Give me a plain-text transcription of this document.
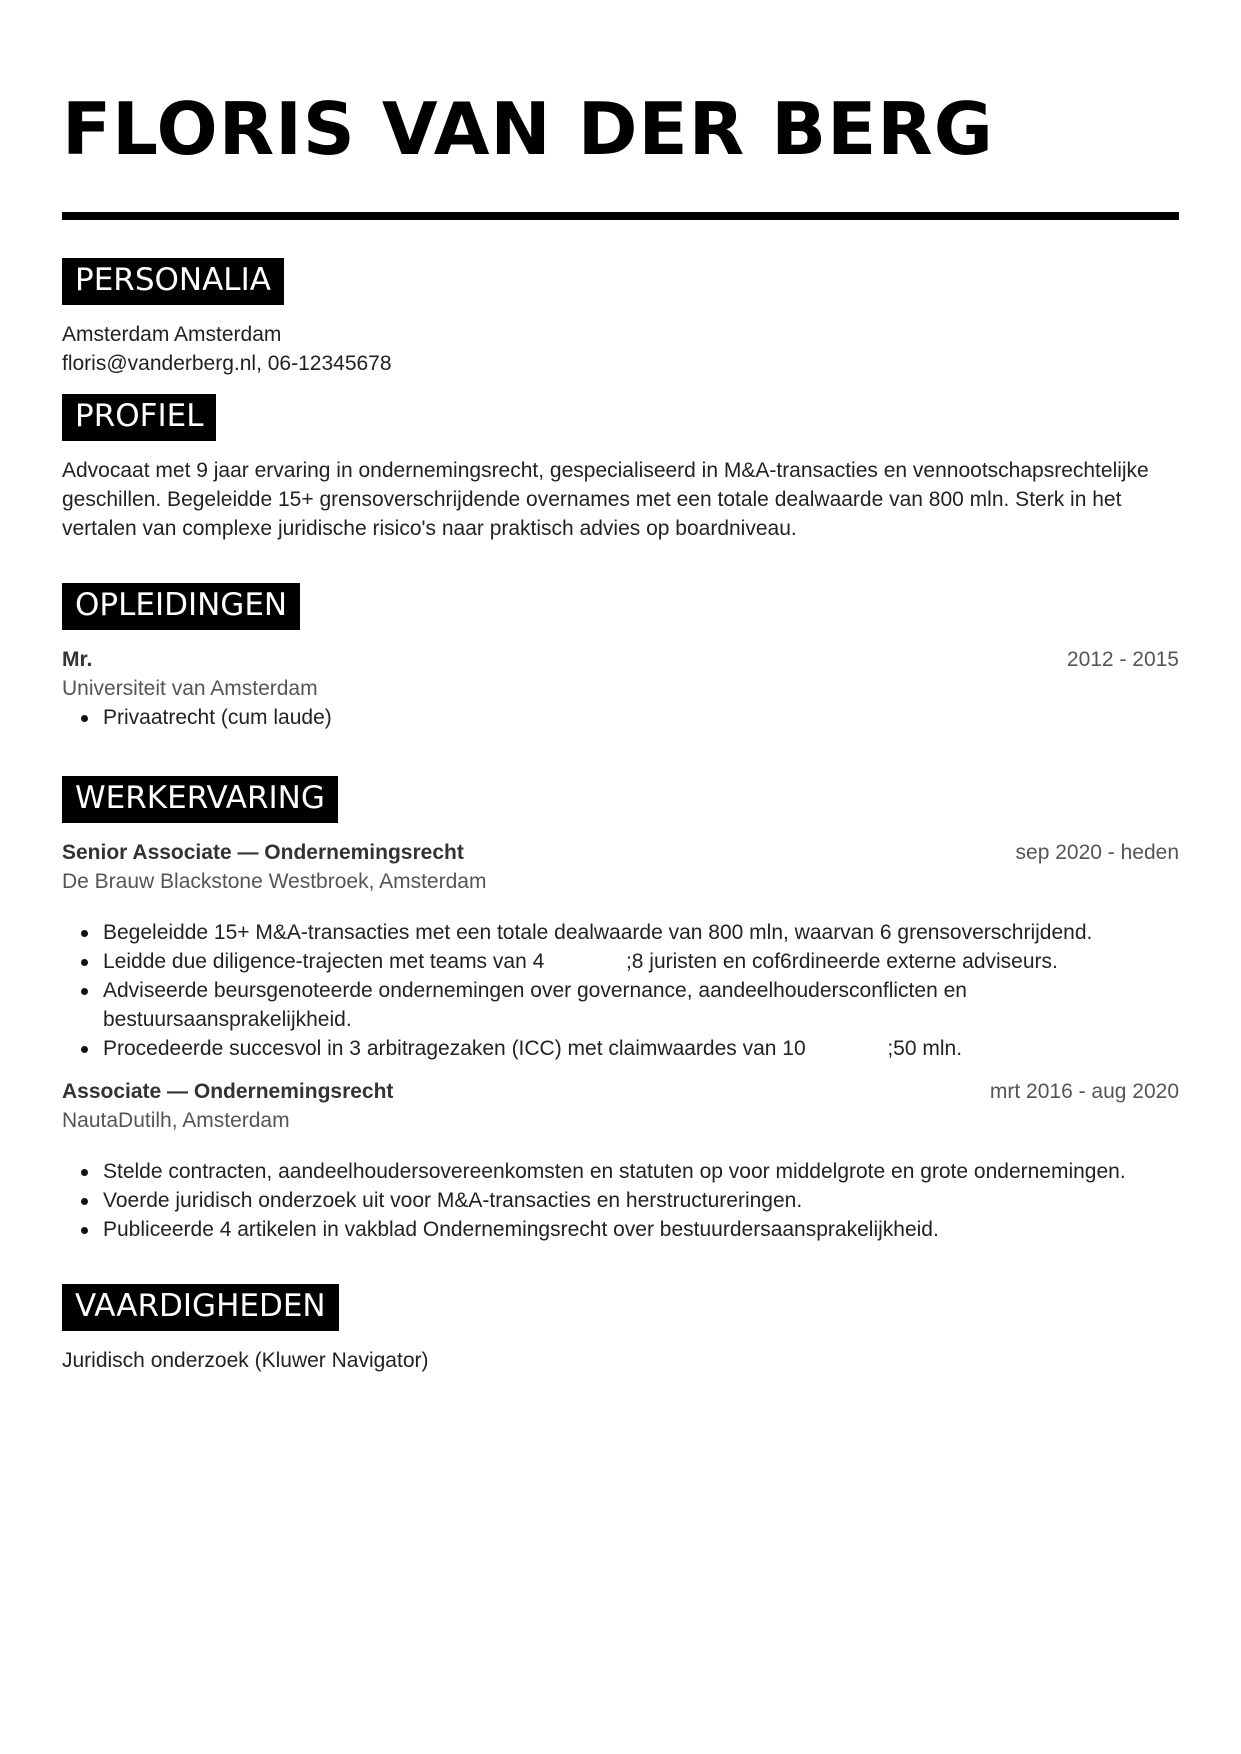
FLORIS VAN DER BERG
PERSONALIA
Amsterdam Amsterdam
floris@vanderberg.nl, 06-12345678
PROFIEL
Advocaat met 9 jaar ervaring in ondernemingsrecht, gespecialiseerd in M&A-transacties en vennootschapsrechtelijke geschillen. Begeleidde 15+ grensoverschrijdende overnames met een totale dealwaarde van 800 mln. Sterk in het vertalen van complexe juridische risico's naar praktisch advies op boardniveau.
OPLEIDINGEN
Mr.	2012 - 2015
Universiteit van Amsterdam
Privaatrecht (cum laude)
WERKERVARING
Senior Associate — Ondernemingsrecht	sep 2020 - heden
De Brauw Blackstone Westbroek, Amsterdam
Begeleidde 15+ M&A-transacties met een totale dealwaarde van 800 mln, waarvan 6 grensoverschrijdend.
Leidde due diligence-trajecten met teams van 4              ;8 juristen en cof6rdineerde externe adviseurs.
Adviseerde beursgenoteerde ondernemingen over governance, aandeelhoudersconflicten en bestuursaansprakelijkheid.
Procedeerde succesvol in 3 arbitragezaken (ICC) met claimwaardes van 10              ;50 mln.
Associate — Ondernemingsrecht	mrt 2016 - aug 2020
NautaDutilh, Amsterdam
Stelde contracten, aandeelhoudersovereenkomsten en statuten op voor middelgrote en grote ondernemingen.
Voerde juridisch onderzoek uit voor M&A-transacties en herstructureringen.
Publiceerde 4 artikelen in vakblad Ondernemingsrecht over bestuurdersaansprakelijkheid.
VAARDIGHEDEN
Juridisch onderzoek (Kluwer Navigator)
